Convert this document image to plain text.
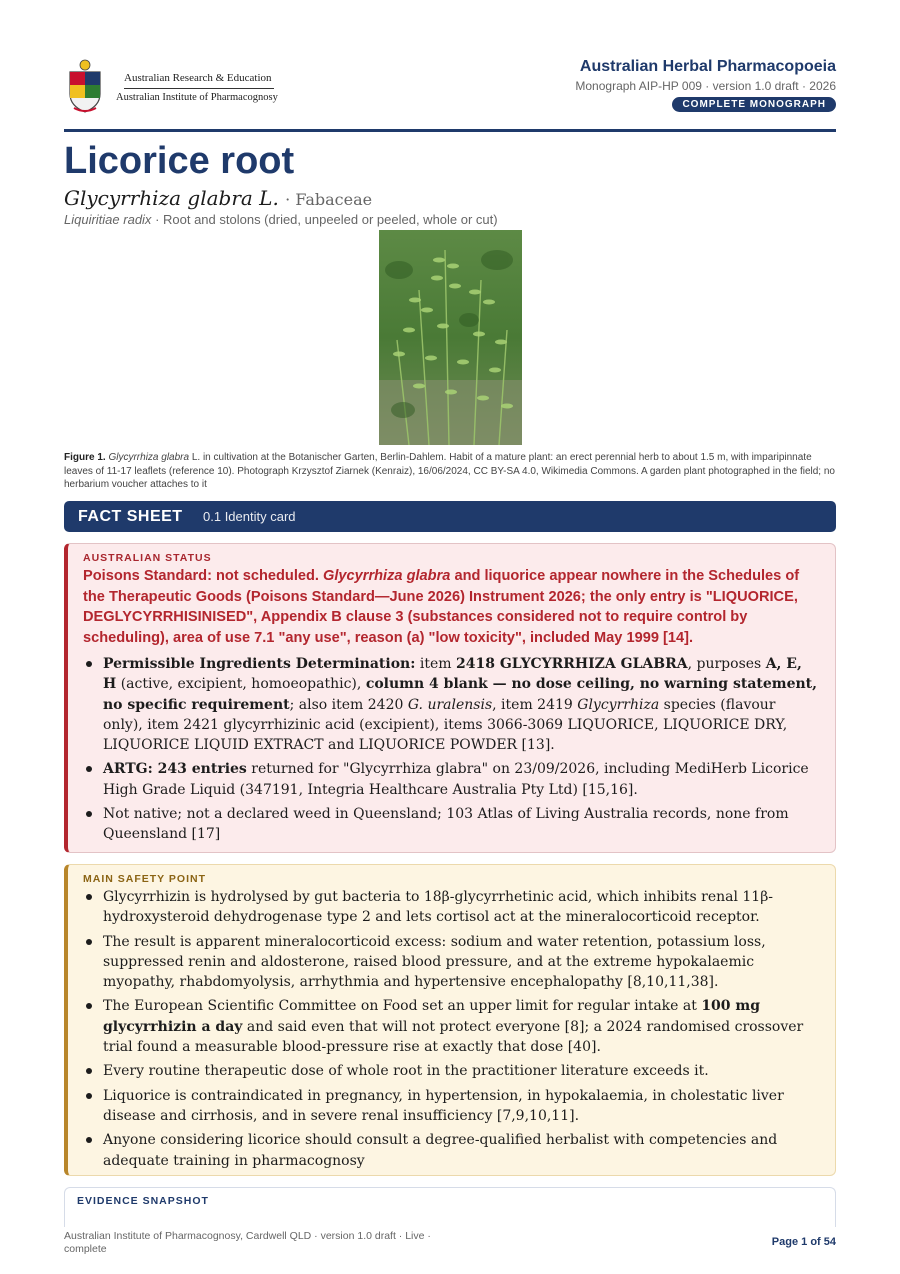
Australian Research & Education
Australian Institute of Pharmacognosy
Australian Herbal Pharmacopoeia
Monograph AIP-HP 009 · version 1.0 draft · 2026
COMPLETE MONOGRAPH
Licorice root
Glycyrrhiza glabra L. · Fabaceae
Liquiritiae radix · Root and stolons (dried, unpeeled or peeled, whole or cut)
Figure 1. Glycyrrhiza glabra L. in cultivation at the Botanischer Garten, Berlin-Dahlem. Habit of a mature plant: an erect perennial herb to about 1.5 m, with imparipinnate leaves of 11-17 leaflets (reference 10). Photograph Krzysztof Ziarnek (Kenraiz), 16/06/2024, CC BY-SA 4.0, Wikimedia Commons. A garden plant photographed in the field; no herbarium voucher attaches to it
FACT SHEET 0.1 Identity card
AUSTRALIAN STATUS
Poisons Standard: not scheduled. Glycyrrhiza glabra and liquorice appear nowhere in the Schedules of the Therapeutic Goods (Poisons Standard—June 2026) Instrument 2026; the only entry is "LIQUORICE, DEGLYCYRRHISINISED", Appendix B clause 3 (substances considered not to require control by scheduling), area of use 7.1 "any use", reason (a) "low toxicity", included May 1999 [14].
Permissible Ingredients Determination: item 2418 GLYCYRRHIZA GLABRA, purposes A, E, H (active, excipient, homoeopathic), column 4 blank — no dose ceiling, no warning statement, no specific requirement; also item 2420 G. uralensis, item 2419 Glycyrrhiza species (flavour only), item 2421 glycyrrhizinic acid (excipient), items 3066-3069 LIQUORICE, LIQUORICE DRY, LIQUORICE LIQUID EXTRACT and LIQUORICE POWDER [13].
ARTG: 243 entries returned for "Glycyrrhiza glabra" on 23/09/2026, including MediHerb Licorice High Grade Liquid (347191, Integria Healthcare Australia Pty Ltd) [15,16].
Not native; not a declared weed in Queensland; 103 Atlas of Living Australia records, none from Queensland [17]
MAIN SAFETY POINT
Glycyrrhizin is hydrolysed by gut bacteria to 18β-glycyrrhetinic acid, which inhibits renal 11β-hydroxysteroid dehydrogenase type 2 and lets cortisol act at the mineralocorticoid receptor.
The result is apparent mineralocorticoid excess: sodium and water retention, potassium loss, suppressed renin and aldosterone, raised blood pressure, and at the extreme hypokalaemic myopathy, rhabdomyolysis, arrhythmia and hypertensive encephalopathy [8,10,11,38].
The European Scientific Committee on Food set an upper limit for regular intake at 100 mg glycyrrhizin a day and said even that will not protect everyone [8]; a 2024 randomised crossover trial found a measurable blood-pressure rise at exactly that dose [40].
Every routine therapeutic dose of whole root in the practitioner literature exceeds it.
Liquorice is contraindicated in pregnancy, in hypertension, in hypokalaemia, in cholestatic liver disease and cirrhosis, and in severe renal insufficiency [7,9,10,11].
Anyone considering licorice should consult a degree-qualified herbalist with competencies and adequate training in pharmacognosy
EVIDENCE SNAPSHOT
Australian Institute of Pharmacognosy, Cardwell QLD · version 1.0 draft · Live · complete
Page 1 of 54
